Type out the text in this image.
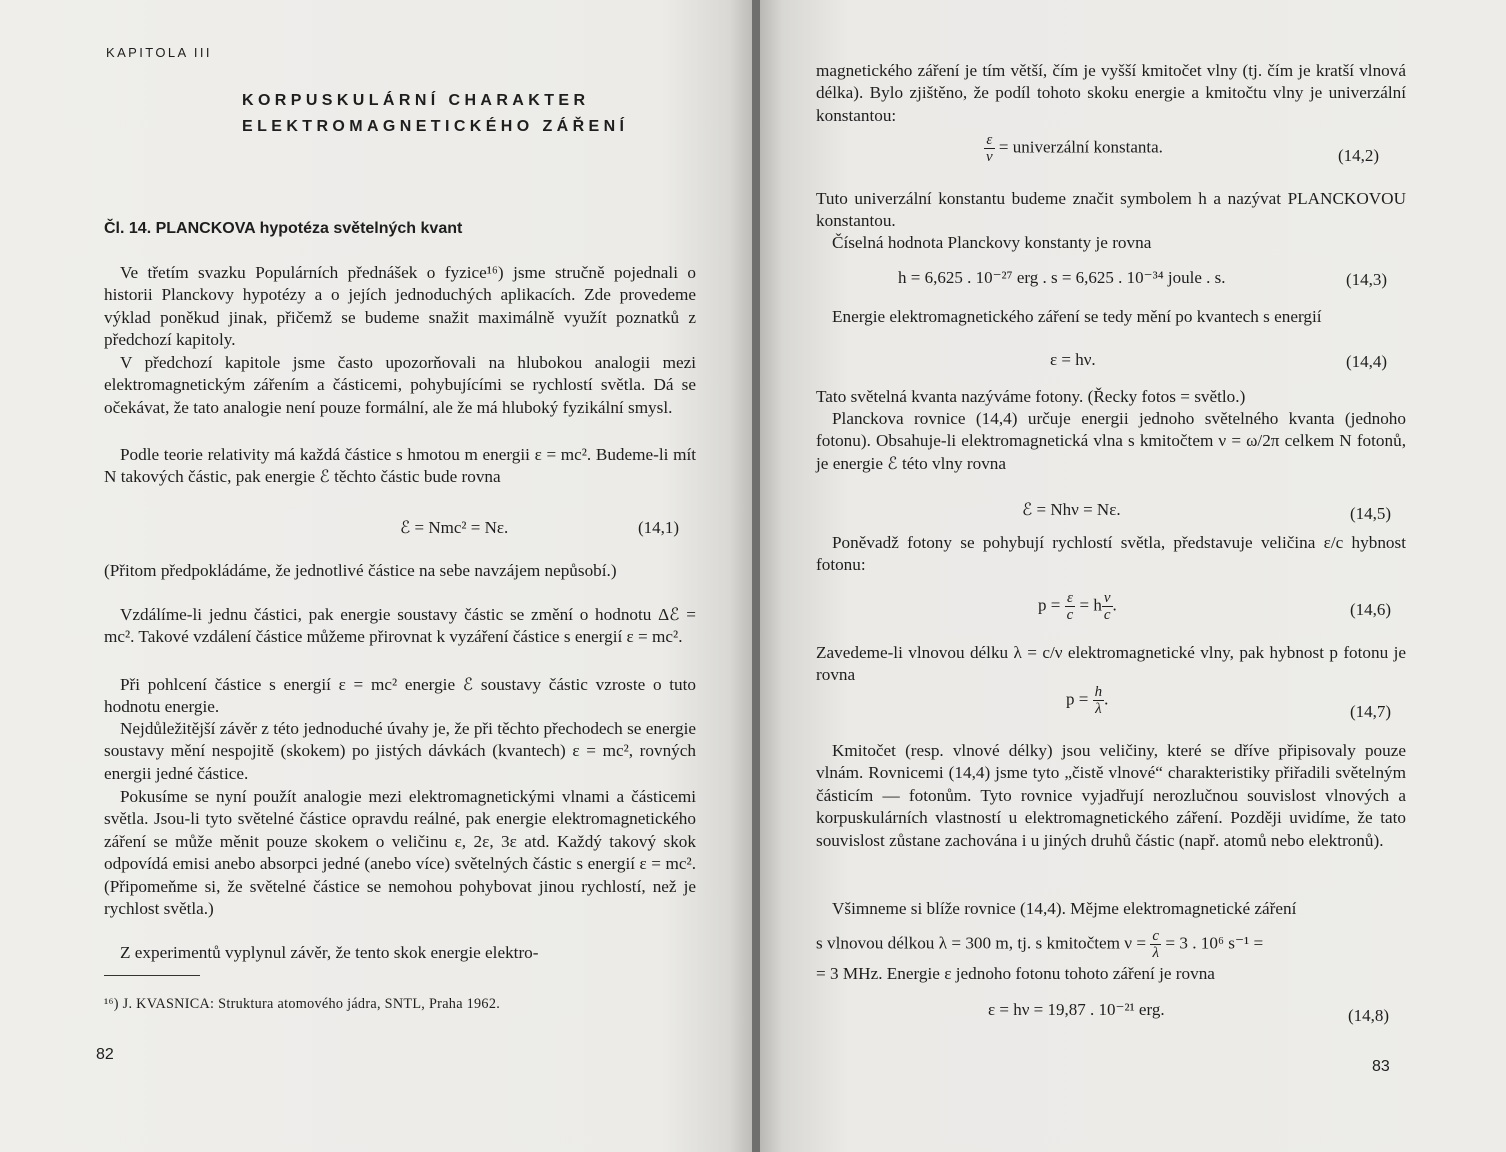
KAPITOLA III
KORPUSKULÁRNÍ CHARAKTER
ELEKTROMAGNETICKÉHO ZÁŘENÍ
Čl. 14. PLANCKOVA hypotéza světelných kvant

Ve třetím svazku Populárních přednášek o fyzice¹⁶) jsme stručně pojednali o historii Planckovy hypotézy a o jejích jednoduchých aplikacích. Zde provedeme výklad poněkud jinak, přičemž se budeme snažit maximálně využít poznatků z předchozí kapitoly.

V předchozí kapitole jsme často upozorňovali na hlubokou analogii mezi elektromagnetickým zářením a částicemi, pohybujícími se rychlostí světla. Dá se očekávat, že tato analogie není pouze formální, ale že má hluboký fyzikální smysl.

Podle teorie relativity má každá částice s hmotou m energii ε = mc². Budeme-li mít N takových částic, pak energie ℰ těchto částic bude rovna

ℰ = Nmc² = Nε.	(14,1)

(Přitom předpokládáme, že jednotlivé částice na sebe navzájem nepůsobí.)

Vzdálíme-li jednu částici, pak energie soustavy částic se změní o hodnotu Δℰ = mc². Takové vzdálení částice můžeme přirovnat k vyzáření částice s energií ε = mc².

Při pohlcení částice s energií ε = mc² energie ℰ soustavy částic vzroste o tuto hodnotu energie.

Nejdůležitější závěr z této jednoduché úvahy je, že při těchto přechodech se energie soustavy mění nespojitě (skokem) po jistých dávkách (kvantech) ε = mc², rovných energii jedné částice.

Pokusíme se nyní použít analogie mezi elektromagnetickými vlnami a částicemi světla. Jsou-li tyto světelné částice opravdu reálné, pak energie elektromagnetického záření se může měnit pouze skokem o veličinu ε, 2ε, 3ε atd. Každý takový skok odpovídá emisi anebo absorpci jedné (anebo více) světelných částic s energií ε = mc². (Připomeňme si, že světelné částice se nemohou pohybovat jinou rychlostí, než je rychlost světla.)

Z experimentů vyplynul závěr, že tento skok energie elektro-

¹⁶) J. KVASNICA: Struktura atomového jádra, SNTL, Praha 1962.
82

magnetického záření je tím větší, čím je vyšší kmitočet vlny (tj. čím je kratší vlnová délka). Bylo zjištěno, že podíl tohoto skoku energie a kmitočtu vlny je univerzální konstantou:

$\frac{\varepsilon}{\nu}$ = univerzální konstanta.	(14,2)

Tuto univerzální konstantu budeme značit symbolem h a nazývat PLANCKOVOU konstantou.

Číselná hodnota Planckovy konstanty je rovna

h = 6,625 . 10⁻²⁷ erg . s = 6,625 . 10⁻³⁴ joule . s.	(14,3)

Energie elektromagnetického záření se tedy mění po kvantech s energií

ε = hν.	(14,4)

Tato světelná kvanta nazýváme fotony. (Řecky fotos = světlo.)

Planckova rovnice (14,4) určuje energii jednoho světelného kvanta (jednoho fotonu). Obsahuje-li elektromagnetická vlna s kmitočtem ν = ω/2π celkem N fotonů, je energie ℰ této vlny rovna

ℰ = Nhν = Nε.	(14,5)

Poněvadž fotony se pohybují rychlostí světla, představuje veličina ε/c hybnost fotonu:

$p = \frac{\varepsilon}{c} = h \frac{\nu}{c}$ .	(14,6)

Zavedeme-li vlnovou délku λ = c/ν elektromagnetické vlny, pak hybnost p fotonu je rovna

$p = \frac{h}{\lambda}$ .
(14,7)

Kmitočet (resp. vlnové délky) jsou veličiny, které se dříve připisovaly pouze vlnám. Rovnicemi (14,4) jsme tyto „čistě vlnové“ charakteristiky přiřadili světelným částicím — fotonům. Tyto rovnice vyjadřují nerozlučnou souvislost vlnových a korpuskulárních vlastností u elektromagnetického záření. Později uvidíme, že tato souvislost zůstane zachována i u jiných druhů částic (např. atomů nebo elektronů).

Všimneme si blíže rovnice (14,4). Mějme elektromagnetické záření

s vlnovou délkou λ = 300 m, tj. s kmitočtem $\nu = \frac{c}{\lambda} = 3$ . 10⁶ s⁻¹ =
= 3 MHz. Energie ε jednoho fotonu tohoto záření je rovna
ε = hν = 19,87 . 10⁻²¹ erg.	(14,8)
83
